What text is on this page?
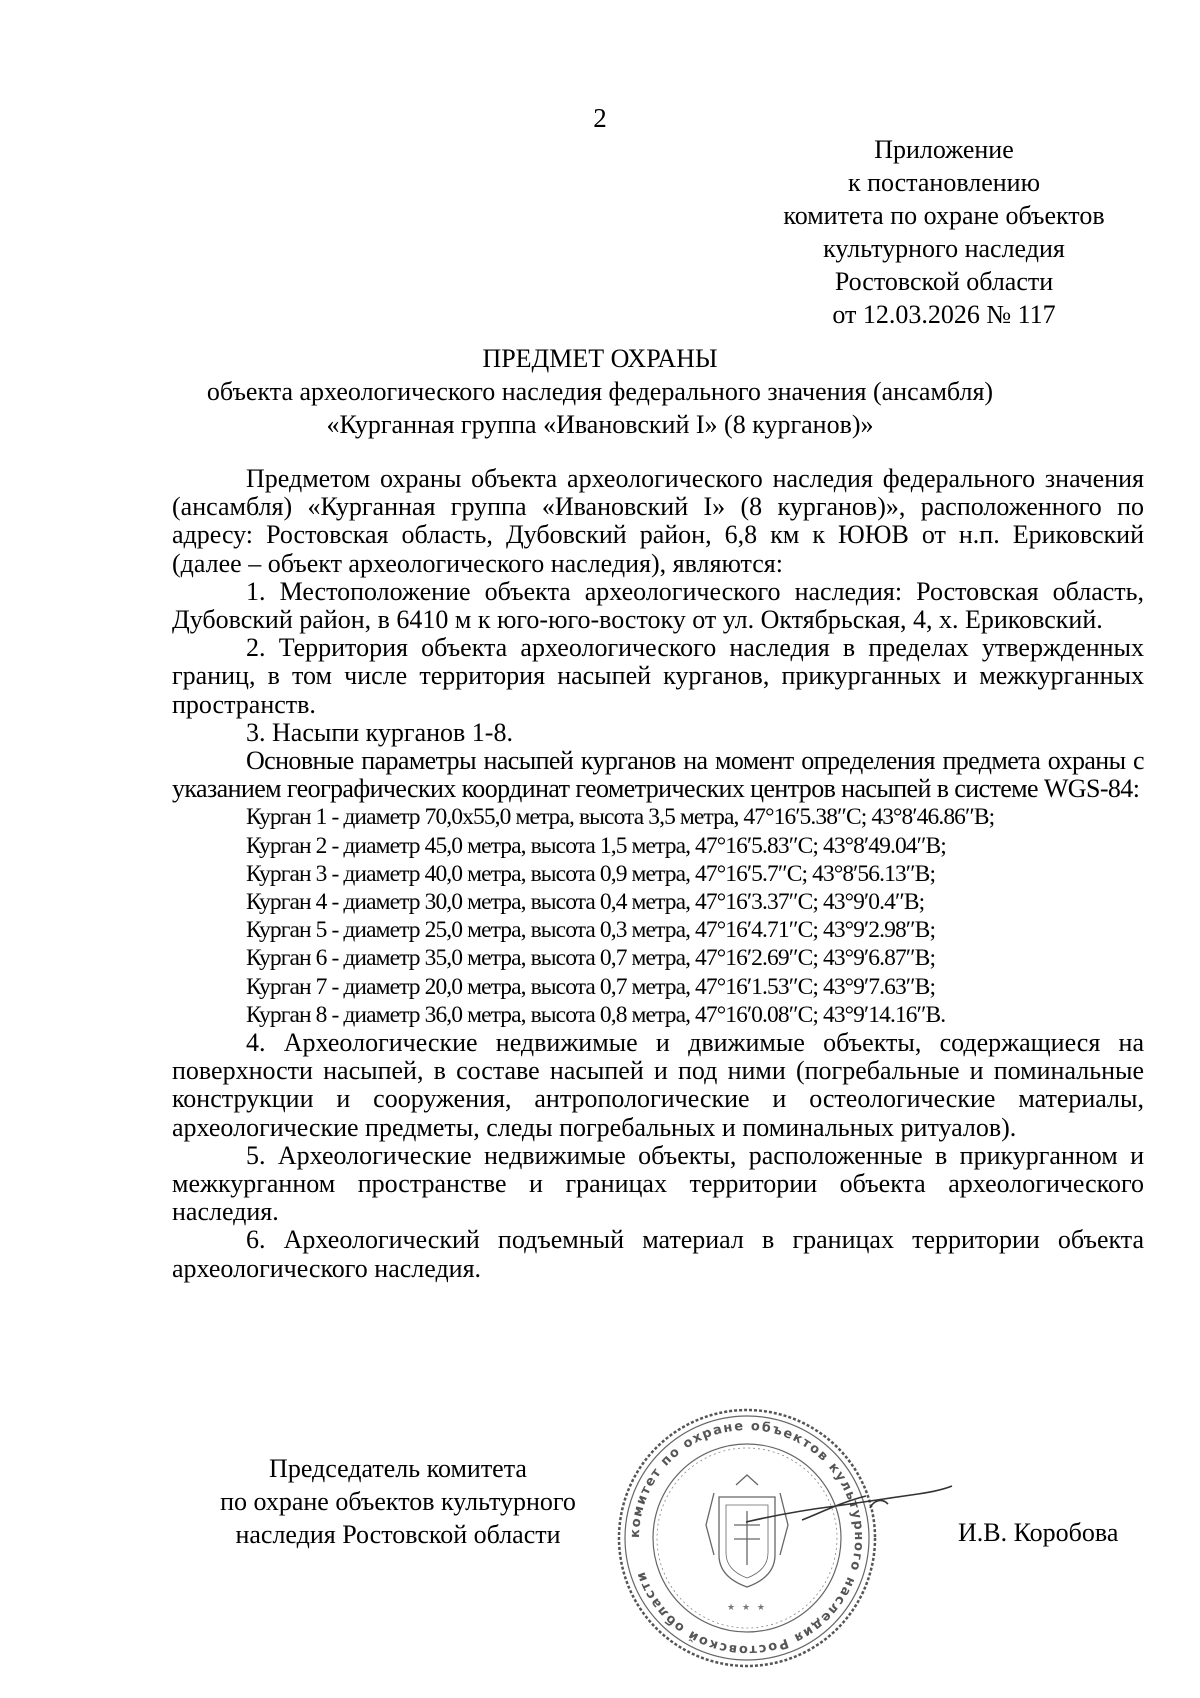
2
Приложение
к постановлению
комитета по охране объектов
культурного наследия
Ростовской области
от 12.03.2026 № 117
ПРЕДМЕТ ОХРАНЫ
объекта археологического наследия федерального значения (ансамбля)
«Курганная группа «Ивановский I» (8 курганов)»

Предметом охраны объекта археологического наследия федерального значения (ансамбля) «Курганная группа «Ивановский I» (8 курганов)», расположенного по адресу: Ростовская область, Дубовский район, 6,8 км к ЮЮВ от н.п. Ериковский (далее – объект археологического наследия), являются:

1. Местоположение объекта археологического наследия: Ростовская область, Дубовский район, в 6410 м к юго-юго-востоку от ул. Октябрьская, 4, х. Ериковский.

2. Территория объекта археологического наследия в пределах утвержденных границ, в том числе территория насыпей курганов, прикурганных и межкурганных пространств.

3. Насыпи курганов 1-8.

Основные параметры насыпей курганов на момент определения предмета охраны с указанием географических координат геометрических центров насыпей в системе WGS-84:

Курган 1 - диаметр 70,0х55,0 метра, высота 3,5 метра, 47°16′5.38″С; 43°8′46.86″В;
Курган 2 - диаметр 45,0 метра, высота 1,5 метра, 47°16′5.83″С; 43°8′49.04″В;
Курган 3 - диаметр 40,0 метра, высота 0,9 метра, 47°16′5.7″С; 43°8′56.13″В;
Курган 4 - диаметр 30,0 метра, высота 0,4 метра, 47°16′3.37″С; 43°9′0.4″В;
Курган 5 - диаметр 25,0 метра, высота 0,3 метра, 47°16′4.71″С; 43°9′2.98″В;
Курган 6 - диаметр 35,0 метра, высота 0,7 метра, 47°16′2.69″С; 43°9′6.87″В;
Курган 7 - диаметр 20,0 метра, высота 0,7 метра, 47°16′1.53″С; 43°9′7.63″В;
Курган 8 - диаметр 36,0 метра, высота 0,8 метра, 47°16′0.08″С; 43°9′14.16″В.

4. Археологические недвижимые и движимые объекты, содержащиеся на поверхности насыпей, в составе насыпей и под ними (погребальные и поминальные конструкции и сооружения, антропологические и остеологические материалы, археологические предметы, следы погребальных и поминальных ритуалов).

5. Археологические недвижимые объекты, расположенные в прикурганном и межкурганном пространстве и границах территории объекта археологического наследия.

6. Археологический подъемный материал в границах территории объекта археологического наследия.

Председатель комитета
по охране объектов культурного
наследия Ростовской области	комитет по охране объектов культурного наследия Ростовской области
★ ★ ★
И.В. Коробова
